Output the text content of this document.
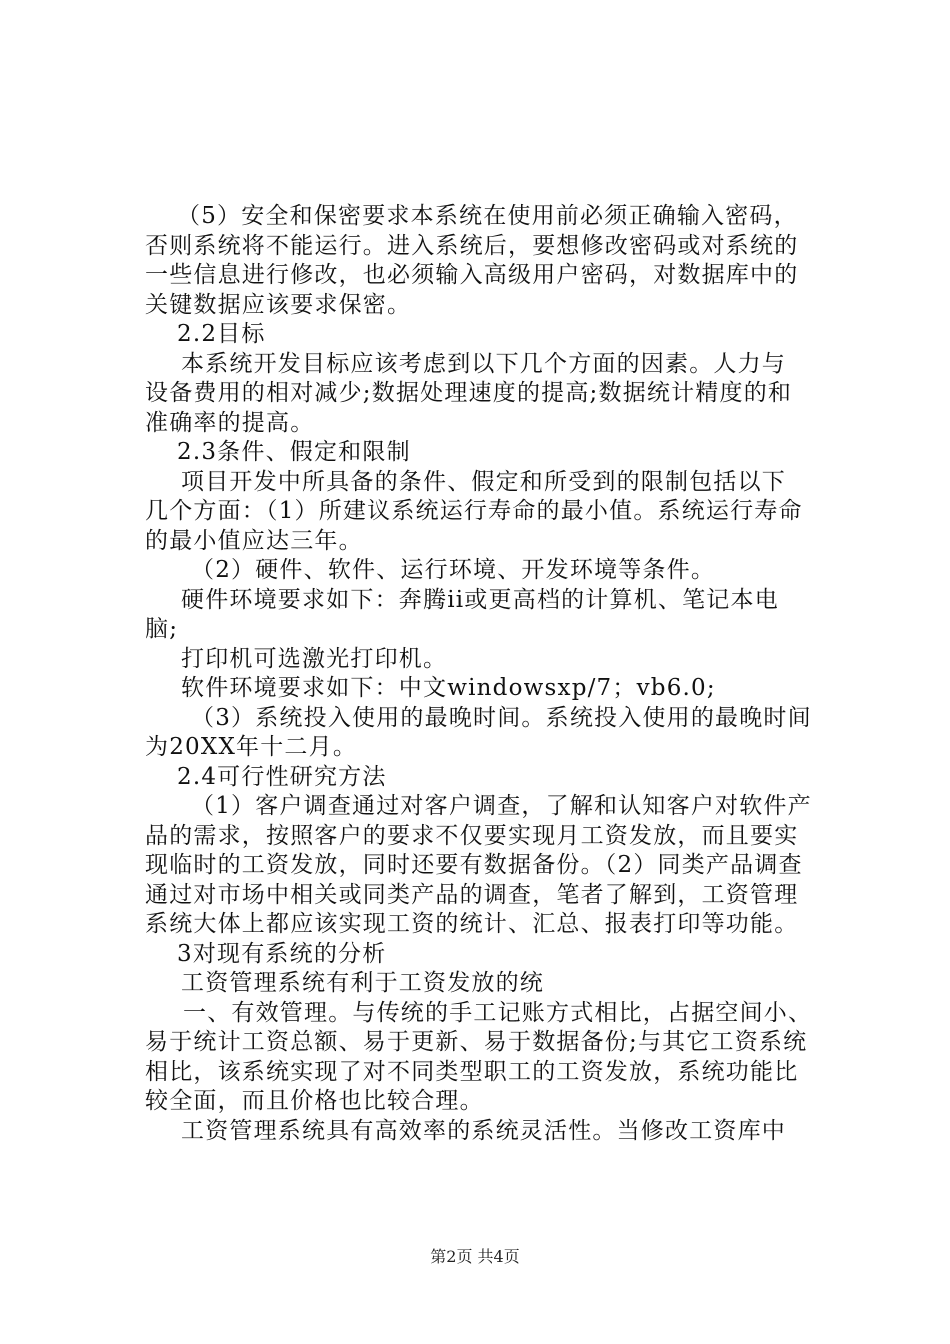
（5）安全和保密要求本系统在使用前必须正确输入密码，
否则系统将不能运行。进入系统后，要想修改密码或对系统的
一些信息进行修改，也必须输入高级用户密码，对数据库中的
关键数据应该要求保密。
2.2目标
本系统开发目标应该考虑到以下几个方面的因素。人力与
设备费用的相对减少;数据处理速度的提高;数据统计精度的和
准确率的提高。
2.3条件、假定和限制
项目开发中所具备的条件、假定和所受到的限制包括以下
几个方面：（1）所建议系统运行寿命的最小值。系统运行寿命
的最小值应达三年。
（2）硬件、软件、运行环境、开发环境等条件。
硬件环境要求如下：奔腾ii或更高档的计算机、笔记本电
脑;
打印机可选激光打印机。
软件环境要求如下：中文windowsxp/7；vb6.0;
（3）系统投入使用的最晚时间。系统投入使用的最晚时间
为20XX年十二月。
2.4可行性研究方法
（1）客户调查通过对客户调查，了解和认知客户对软件产
品的需求，按照客户的要求不仅要实现月工资发放，而且要实
现临时的工资发放，同时还要有数据备份。（2）同类产品调查
通过对市场中相关或同类产品的调查，笔者了解到，工资管理
系统大体上都应该实现工资的统计、汇总、报表打印等功能。
3对现有系统的分析
工资管理系统有利于工资发放的统
一、有效管理。与传统的手工记账方式相比，占据空间小、
易于统计工资总额、易于更新、易于数据备份;与其它工资系统
相比，该系统实现了对不同类型职工的工资发放，系统功能比
较全面，而且价格也比较合理。
工资管理系统具有高效率的系统灵活性。当修改工资库中
第2页 共4页
